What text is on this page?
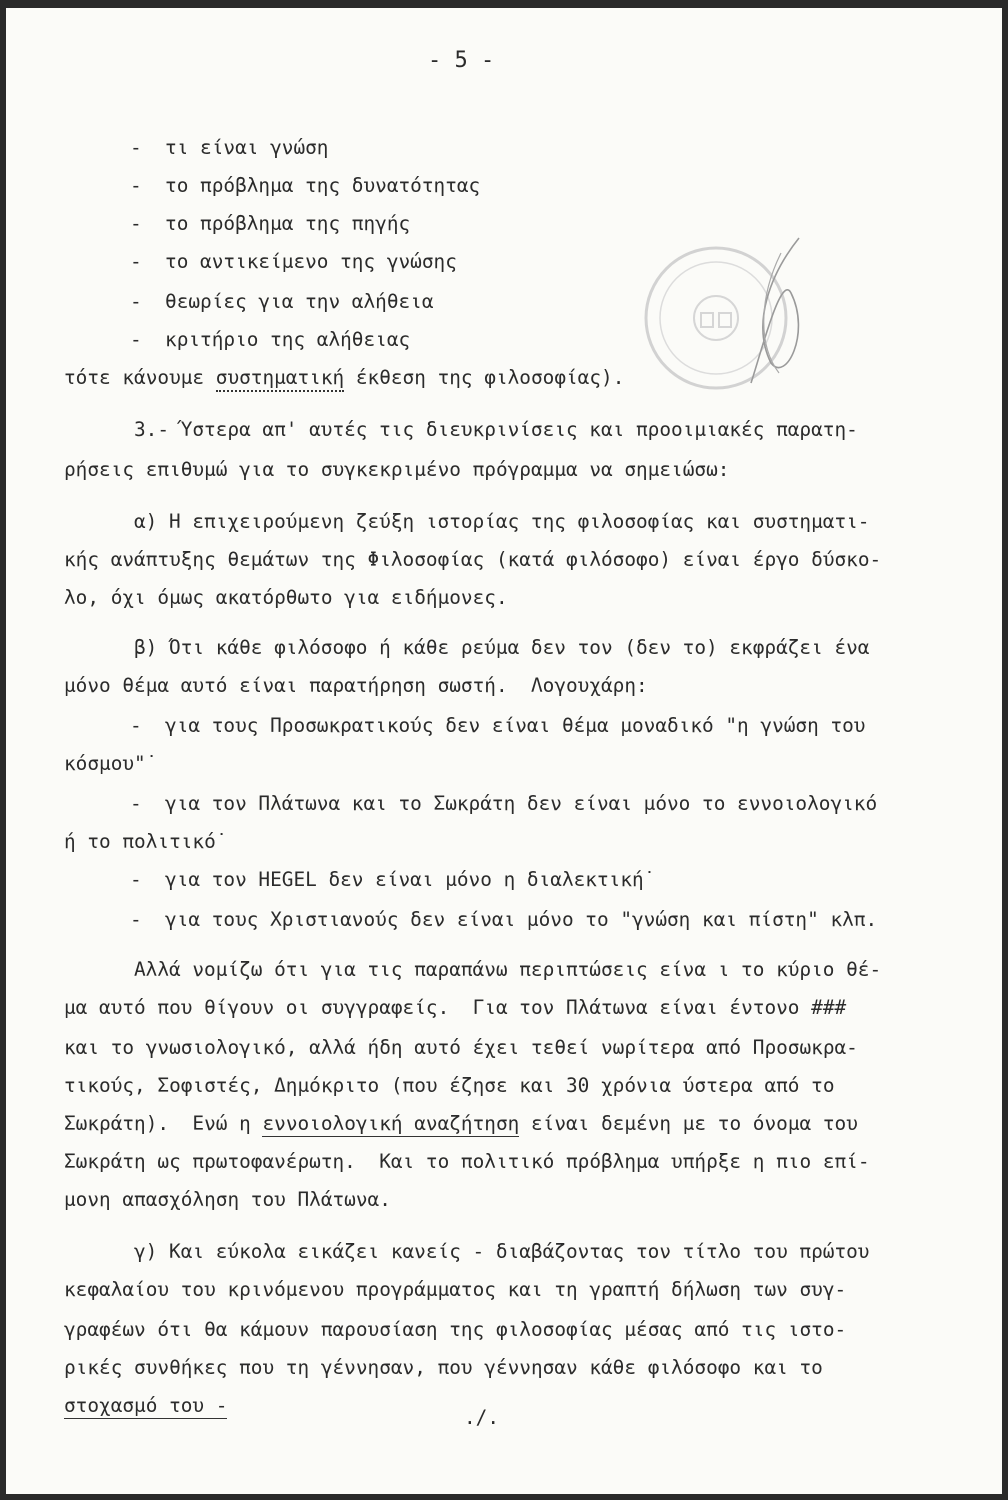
- 5 -
-  τι είναι γνώση
-  το πρόβλημα της δυνατότητας
-  το πρόβλημα της πηγής
-  το αντικείμενο της γνώσης
-  θεωρίες για την αλήθεια
-  κριτήριο της αλήθειας
τότε κάνουμε συστηματική έκθεση της φιλοσοφίας).
3.- Ύστερα απ' αυτές τις διευκρινίσεις και προοιμιακές παρατη-
ρήσεις επιθυμώ για το συγκεκριμένο πρόγραμμα να σημειώσω:
α) Η επιχειρούμενη ζεύξη ιστορίας της φιλοσοφίας και συστηματι-
κής ανάπτυξης θεμάτων της Φιλοσοφίας (κατά φιλόσοφο) είναι έργο δύσκο-
λο, όχι όμως ακατόρθωτο για ειδήμονες.
β) Ότι κάθε φιλόσοφο ή κάθε ρεύμα δεν τον (δεν το) εκφράζει ένα
μόνο θέμα αυτό είναι παρατήρηση σωστή.  Λογουχάρη:
-  για τους Προσωκρατικούς δεν είναι θέμα μοναδικό "η γνώση του
κόσμου"˙
-  για τον Πλάτωνα και το Σωκράτη δεν είναι μόνο το εννοιολογικό
ή το πολιτικό˙
-  για τον HEGEL δεν είναι μόνο η διαλεκτική˙
-  για τους Χριστιανούς δεν είναι μόνο το "γνώση και πίστη" κλπ.
Αλλά νομίζω ότι για τις παραπάνω περιπτώσεις είνα ι το κύριο θέ-
μα αυτό που θίγουν οι συγγραφείς.  Για τον Πλάτωνα είναι έντονο ###
και το γνωσιολογικό, αλλά ήδη αυτό έχει τεθεί νωρίτερα από Προσωκρα-
τικούς, Σοφιστές, Δημόκριτο (που έζησε και 30 χρόνια ύστερα από το
Σωκράτη).  Ενώ η εννοιολογική αναζήτηση είναι δεμένη με το όνομα του
Σωκράτη ως πρωτοφανέρωτη.  Και το πολιτικό πρόβλημα υπήρξε η πιο επί-
μονη απασχόληση του Πλάτωνα.
γ) Και εύκολα εικάζει κανείς - διαβάζοντας τον τίτλο του πρώτου
κεφαλαίου του κρινόμενου προγράμματος και τη γραπτή δήλωση των συγ-
γραφέων ότι θα κάμουν παρουσίαση της φιλοσοφίας μέσας από τις ιστο-
ρικές συνθήκες που τη γέννησαν, που γέννησαν κάθε φιλόσοφο και το
στοχασμό του -
./.
